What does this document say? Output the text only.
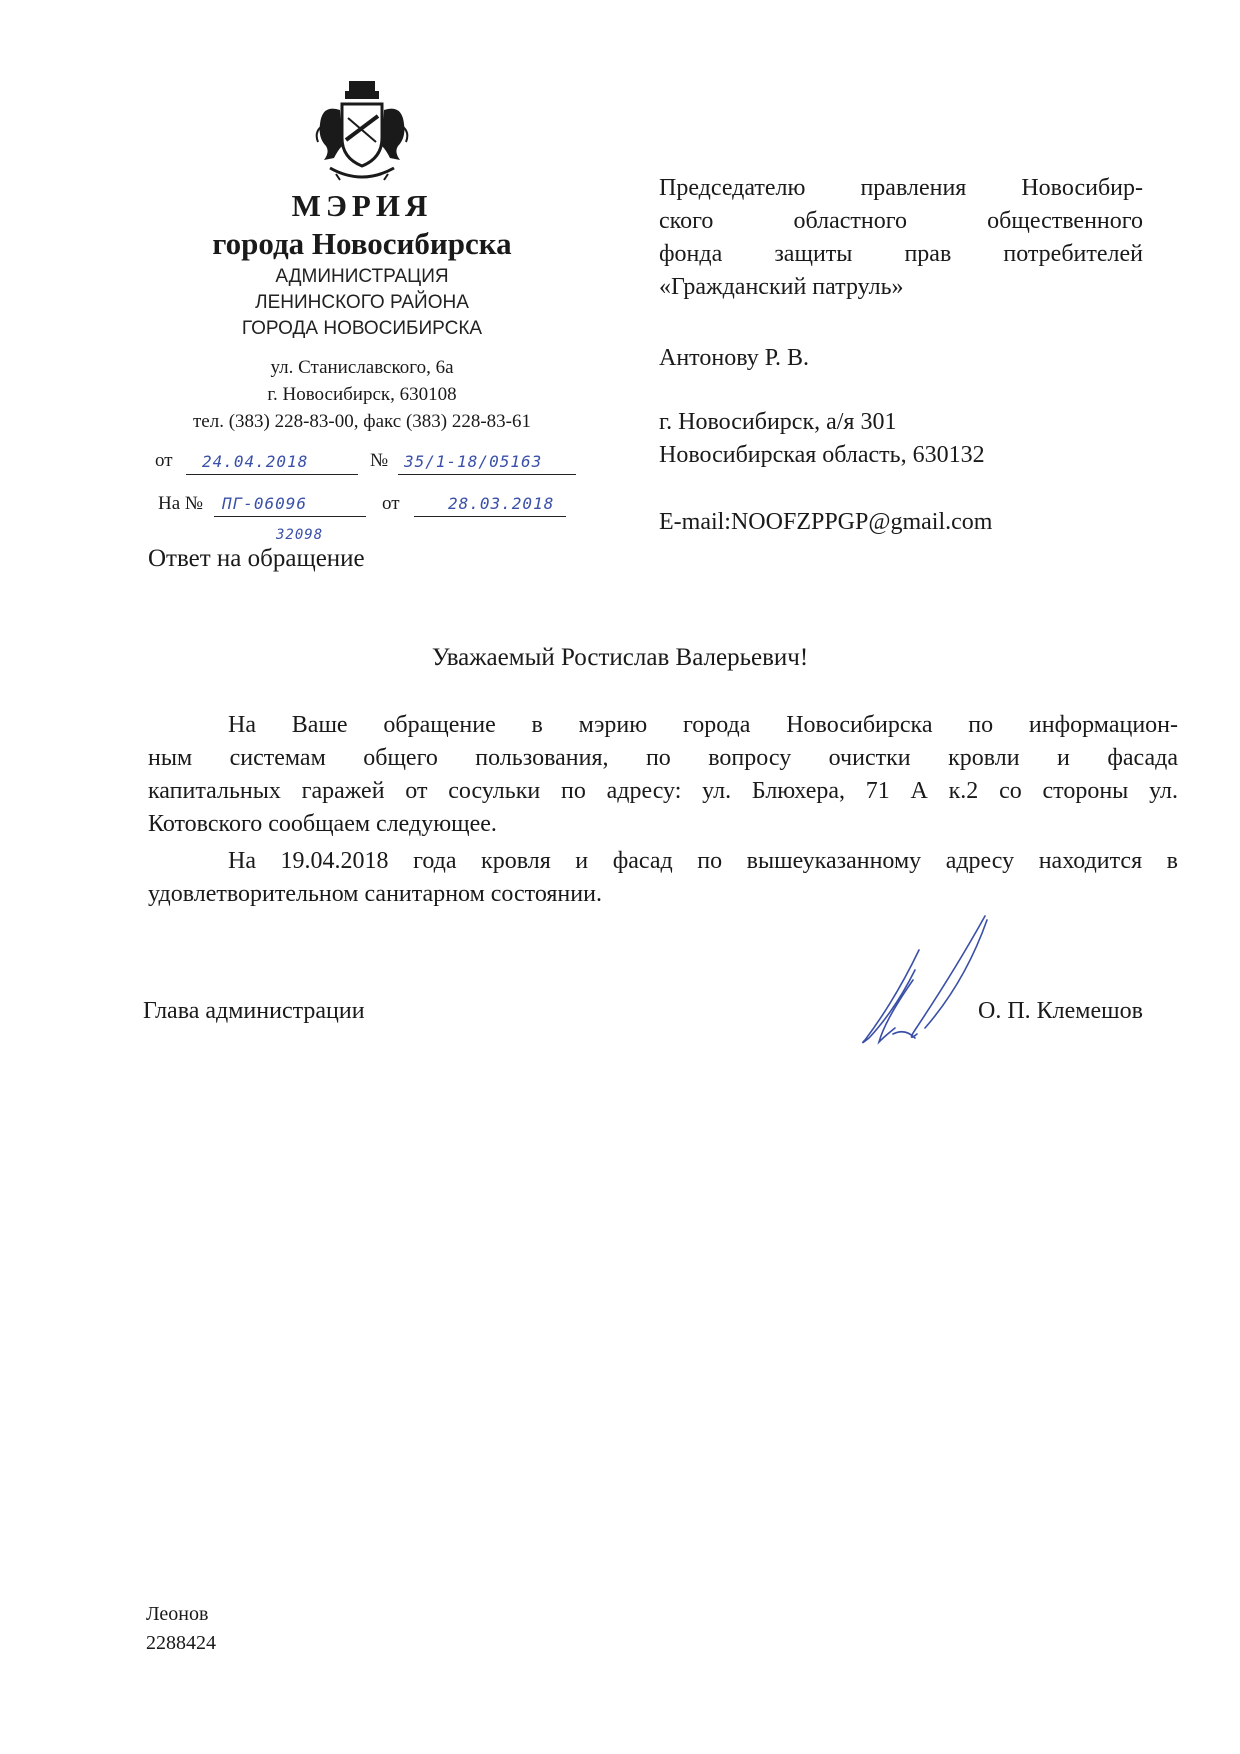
МЭРИЯ
города Новосибирска
АДМИНИСТРАЦИЯ
ЛЕНИНСКОГО РАЙОНА
ГОРОДА НОВОСИБИРСКА
ул. Станиславского, 6а
г. Новосибирск, 630108
тел. (383) 228-83-00, факс (383) 228-83-61
от 24.04.2018	№ 35/1-18/05163
На № ПГ-06096
32098
от	28.03.2018
Ответ на обращение
Председателю правления Новосибир-
ского областного общественного
фонда защиты прав потребителей
«Гражданский патруль»
Антонову Р. В.
г. Новосибирск, а/я 301
Новосибирская область, 630132
E-mail:NOOFZPPGP@gmail.com
Уважаемый Ростислав Валерьевич!
На Ваше обращение в мэрию города Новосибирска по информацион-
ным системам общего пользования, по вопросу очистки кровли и фасада
капитальных гаражей от сосульки по адресу: ул. Блюхера, 71 А к.2 со стороны ул.
Котовского сообщаем следующее.
На 19.04.2018 года кровля и фасад по вышеуказанному адресу находится в
удовлетворительном санитарном состоянии.
Глава администрации	О. П. Клемешов
Леонов
2288424
